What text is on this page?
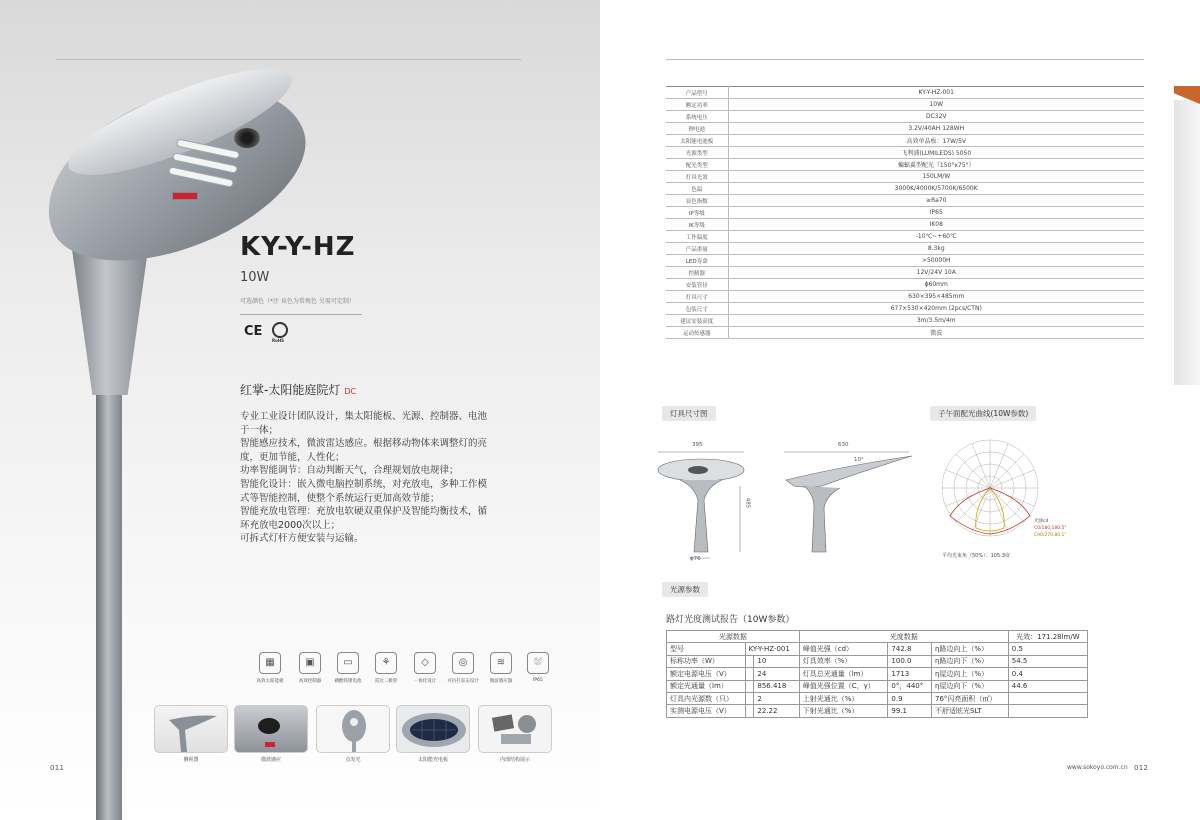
KY-Y-HZ
10W
可选颜色（*注 该色为常规色 另需可定制）
CE
RoHS
红掌-太阳能庭院灯 DC
专业工业设计团队设计，集太阳能板、光源、控制器、电池于一体；
智能感应技术，微波雷达感应。根据移动物体来调整灯的亮度，更加节能，人性化；
功率智能调节：自动判断天气，合理规划放电规律；
智能化设计：嵌入微电脑控制系统，对充放电，多种工作模式等智能控制，使整个系统运行更加高效节能；
智能充放电管理：充放电软硬双重保护及智能均衡技术，循环充放电2000次以上；
可拆式灯杆方便安装与运输。
▦
高效太阳能板
▣
高效控制器
▭
磷酸铁锂电池
⚘
雷达二极管
◇
一体化设计
◎
可抗打雷击设计
≋
微波感应器
⛆
IP65
侧视图	微波感应	点发光	太阳能充电板	内部结构展示
011
产品型号	KY-Y-HZ-001
额定功率	10W
系统电压	DC32V
锂电池	3.2V/40AH 128WH
太阳能电池板	高效单晶板：17W/5V
光源类型	飞利浦(LUMILEDS) 5050
配光类型	蝙蝠翼型配光（150°x75°）
灯具光效	150LM/W
色温	3000K/4000K/5700K/6500K
显色指数	≥Ra70
IP等级	IP65
IK等级	IK08
工作温度	-10℃~+60℃
产品重量	8.3kg
LED寿命	>50000H
控制器	12V/24V 10A
安装管径	ϕ60mm
灯具尺寸	630×395×485mm
包装尺寸	677×530×420mm (2pcs/CTN)
建议安装高度	3m/3.5m/4m
运动传感器	微波
灯具尺寸图
395	630
10°
485
ϕ76
子午面配光曲线(10W参数)
光强cd
C0/180,180.5°
C90/270,80.1°
平均光束角（50%）：105.3度
光源参数
路灯光度测试报告（10W参数）
光源数据			光度数据			光效：171.28lm/W
型号	KY-Y-HZ-001		峰值光强（cd）	742.8	η路边向上（%）	0.5
标称功率（W）		10	灯具效率（%）	100.0	η路边向下（%）	54.5
额定电源电压（V）		24	灯具总光通量（lm）	1713	η屋边向上（%）	0.4
额定光通量（lm）		856.418	峰值光强位置（C，γ）	0°，440°	η屋边向下（%）	44.6
灯具内光源数（只）		2	上射光通比（%）	0.9	76°闪亮面积（㎡）	
实测电源电压（V）		22.22	下射光通比（%）	99.1	不舒适眩光SLT	
www.sokoyo.com.cn 012
